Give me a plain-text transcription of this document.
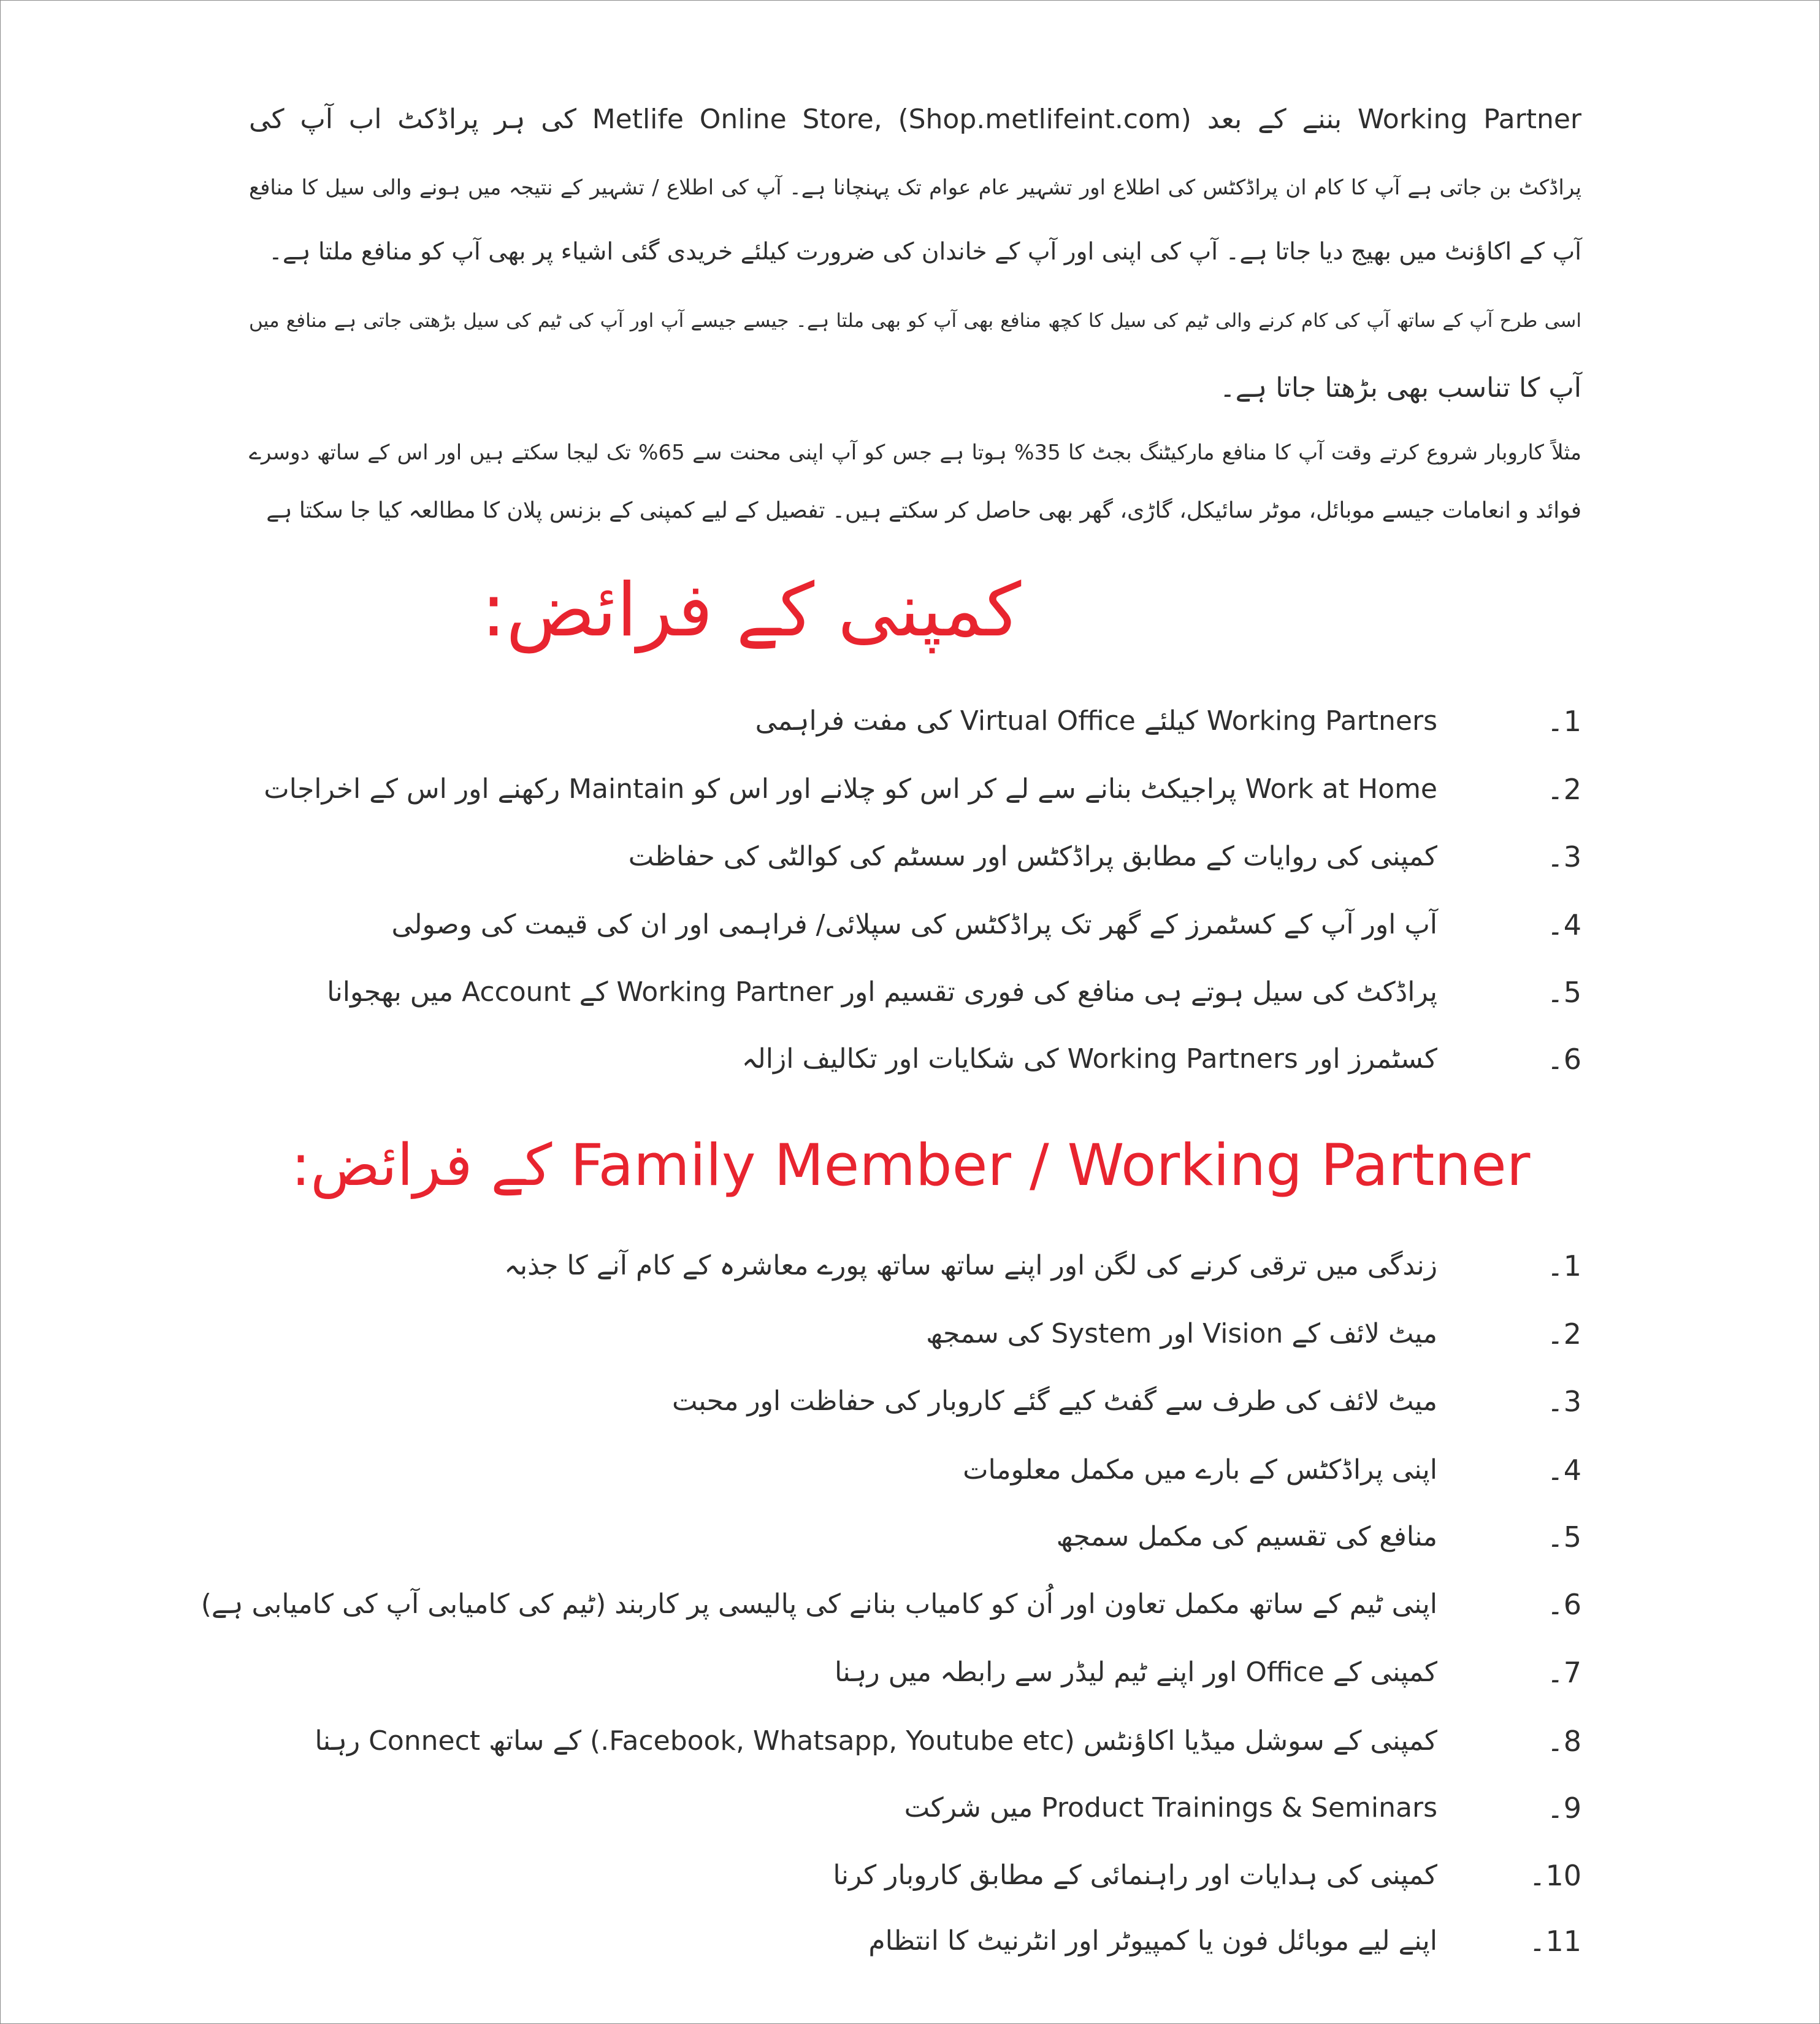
Working Partner بننے کے بعد Metlife Online Store, (Shop.metlifeint.com) کی ہر پراڈکٹ اب آپ کی
پراڈکٹ بن جاتی ہے آپ کا کام ان پراڈکٹس کی اطلاع اور تشہیر عام عوام تک پہنچانا ہے۔ آپ کی اطلاع / تشہیر کے نتیجہ میں ہونے والی سیل کا منافع
آپ کے اکاؤنٹ میں بھیج دیا جاتا ہے۔ آپ کی اپنی اور آپ کے خاندان کی ضرورت کیلئے خریدی گئی اشیاء پر بھی آپ کو منافع ملتا ہے۔
اسی طرح آپ کے ساتھ آپ کی کام کرنے والی ٹیم کی سیل کا کچھ منافع بھی آپ کو بھی ملتا ہے۔ جیسے جیسے آپ اور آپ کی ٹیم کی سیل بڑھتی جاتی ہے منافع میں
آپ کا تناسب بھی بڑھتا جاتا ہے۔
مثلاً کاروبار شروع کرتے وقت آپ کا منافع مارکیٹنگ بجٹ کا 35% ہوتا ہے جس کو آپ اپنی محنت سے 65% تک لیجا سکتے ہیں اور اس کے ساتھ دوسرے
فوائد و انعامات جیسے موبائل، موٹر سائیکل، گاڑی، گھر بھی حاصل کر سکتے ہیں۔ تفصیل کے لیے کمپنی کے بزنس پلان کا مطالعہ کیا جا سکتا ہے
کمپنی کے فرائض:
1۔
Working Partners کیلئے Virtual Office کی مفت فراہمی
2۔
Work at Home پراجیکٹ بنانے سے لے کر اس کو چلانے اور اس کو Maintain رکھنے اور اس کے اخراجات
3۔
کمپنی کی روایات کے مطابق پراڈکٹس اور سسٹم کی کوالٹی کی حفاظت
4۔
آپ اور آپ کے کسٹمرز کے گھر تک پراڈکٹس کی سپلائی/ فراہمی اور ان کی قیمت کی وصولی
5۔
پراڈکٹ کی سیل ہوتے ہی منافع کی فوری تقسیم اور Working Partner کے Account میں بھجوانا
6۔
کسٹمرز اور Working Partners کی شکایات اور تکالیف ازالہ
Family Member / Working Partner کے فرائض:
1۔
زندگی میں ترقی کرنے کی لگن اور اپنے ساتھ ساتھ پورے معاشرہ کے کام آنے کا جذبہ
2۔
میٹ لائف کے Vision اور System کی سمجھ
3۔
میٹ لائف کی طرف سے گفٹ کیے گئے کاروبار کی حفاظت اور محبت
4۔
اپنی پراڈکٹس کے بارے میں مکمل معلومات
5۔
منافع کی تقسیم کی مکمل سمجھ
6۔
اپنی ٹیم کے ساتھ مکمل تعاون اور اُن کو کامیاب بنانے کی پالیسی پر کاربند (ٹیم کی کامیابی آپ کی کامیابی ہے)
7۔
کمپنی کے Office اور اپنے ٹیم لیڈر سے رابطہ میں رہنا
8۔
کمپنی کے سوشل میڈیا اکاؤنٹس (Facebook, Whatsapp, Youtube etc.) کے ساتھ Connect رہنا
9۔
Product Trainings & Seminars میں شرکت
10۔
کمپنی کی ہدایات اور راہنمائی کے مطابق کاروبار کرنا
11۔
اپنے لیے موبائل فون یا کمپیوٹر اور انٹرنیٹ کا انتظام
